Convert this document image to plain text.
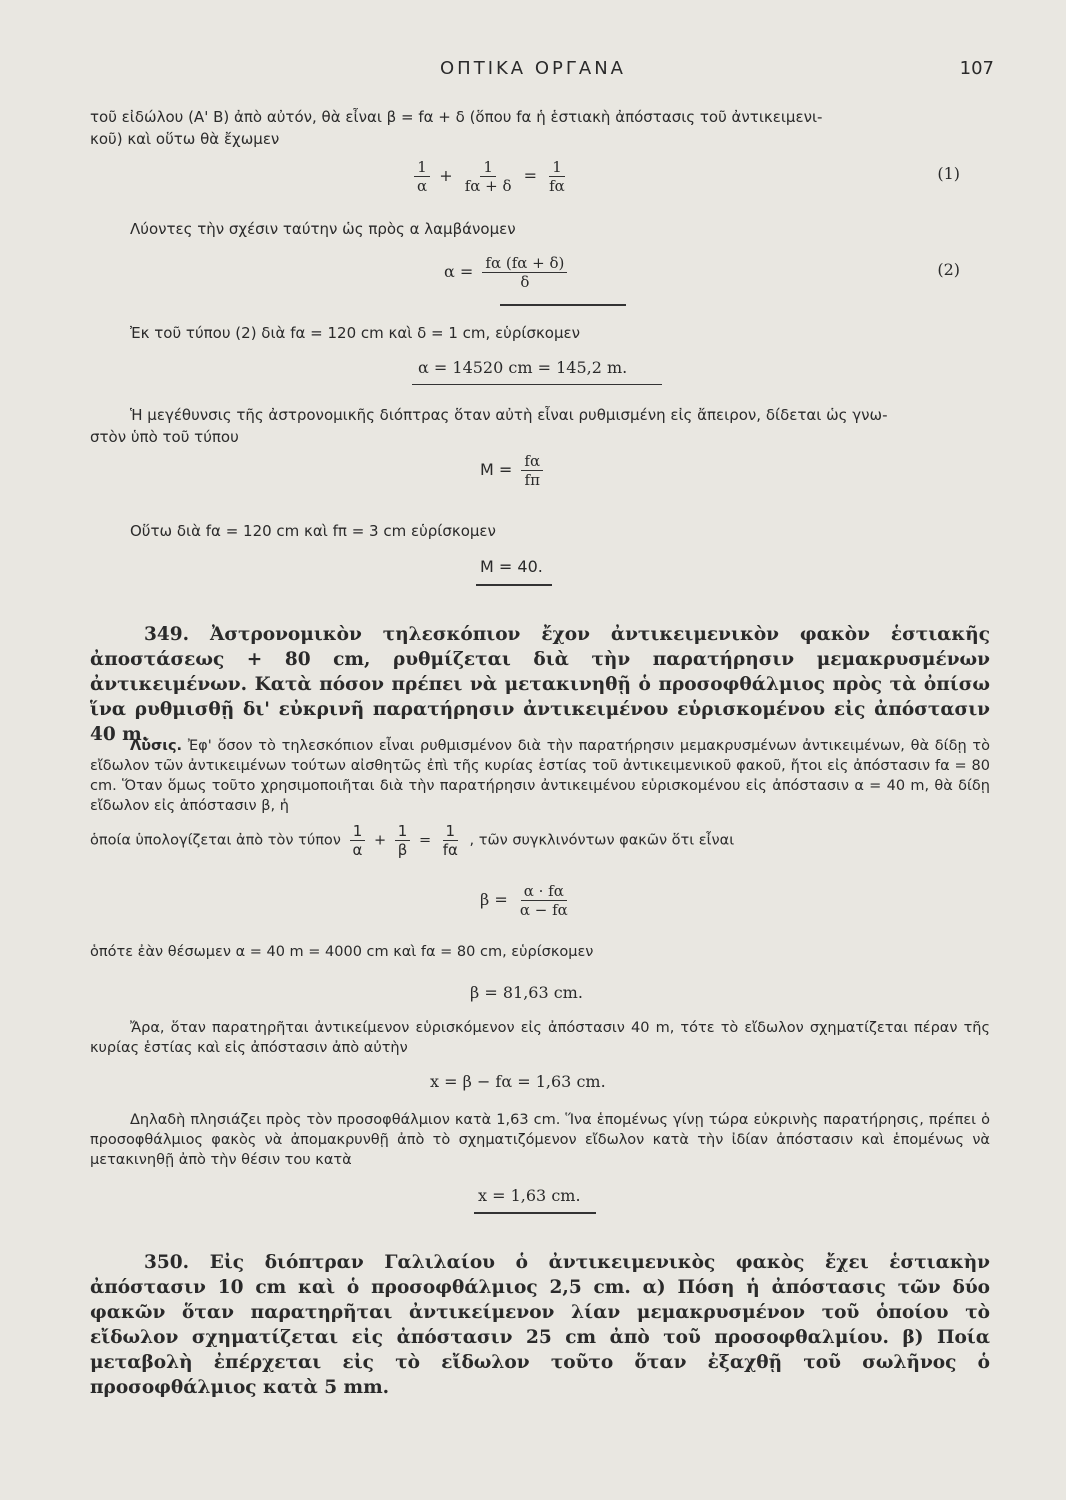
ΟΠΤΙΚΑ ΟΡΓΑΝΑ	107
τοῦ εἰδώλου (Α' Β) ἀπὸ αὐτόν, θὰ εἶναι β = fα + δ (ὅπου fα ἡ ἑστιακὴ ἀπόστασις τοῦ ἀντικειμενι-
κοῦ) καὶ οὕτω θὰ ἔχωμεν
$\frac{1}{\alpha} + \frac{1}{f\alpha + \delta} = \frac{1}{f\alpha}$	(1)
Λύοντες τὴν σχέσιν ταύτην ὡς πρὸς α λαμβάνομεν
$\alpha = \frac{f\alpha (f\alpha + \delta)}{\delta}$	(2)
Ἐκ τοῦ τύπου (2) διὰ fα = 120 cm καὶ δ = 1 cm, εὑρίσκομεν
α = 14520 cm = 145,2 m.
Ἡ μεγέθυνσις τῆς ἀστρονομικῆς διόπτρας ὅταν αὐτὴ εἶναι ρυθμισμένη εἰς ἄπειρον, δίδεται ὡς γνω-
στὸν ὑπὸ τοῦ τύπου
$M = \frac{f\alpha}{f\pi}$
Οὕτω διὰ fα = 120 cm καὶ fπ = 3 cm εὑρίσκομεν
M = 40.
349. Ἀστρονομικὸν τηλεσκόπιον ἔχον ἀντικειμενικὸν φακὸν ἑστιακῆς ἀποστάσεως + 80 cm, ρυθμίζεται διὰ τὴν παρατήρησιν μεμακρυσμένων ἀντικειμένων. Κατὰ πόσον πρέπει νὰ μετακινηθῇ ὁ προσοφθάλμιος πρὸς τὰ ὀπίσω ἵνα ρυθμισθῇ δι' εὐκρινῆ παρατήρησιν ἀντικειμένου εὑρισκομένου εἰς ἀπόστασιν 40 m.
Λύσις. Ἐφ' ὅσον τὸ τηλεσκόπιον εἶναι ρυθμισμένον διὰ τὴν παρατήρησιν μεμακρυσμένων ἀντικειμένων, θὰ δίδῃ τὸ εἴδωλον τῶν ἀντικειμένων τούτων αἰσθητῶς ἐπὶ τῆς κυρίας ἑστίας τοῦ ἀντικειμενικοῦ φακοῦ, ἤτοι εἰς ἀπόστασιν fα = 80 cm. Ὅταν ὅμως τοῦτο χρησιμοποιῆται διὰ τὴν παρατήρησιν ἀντικειμένου εὑρισκομένου εἰς ἀπόστασιν α = 40 m, θὰ δίδῃ εἴδωλον εἰς ἀπόστασιν β, ἡ
ὁποία ὑπολογίζεται ἀπὸ τὸν τύπον $\frac{1}{\alpha} + \frac{1}{\beta} = \frac{1}{f\alpha}$ , τῶν συγκλινόντων φακῶν ὅτι εἶναι
$\beta = \frac{\alpha \cdot f\alpha}{\alpha - f\alpha}$
ὁπότε ἐὰν θέσωμεν α = 40 m = 4000 cm καὶ fα = 80 cm, εὑρίσκομεν
β = 81,63 cm.
Ἄρα, ὅταν παρατηρῆται ἀντικείμενον εὑρισκόμενον εἰς ἀπόστασιν 40 m, τότε τὸ εἴδωλον σχηματίζεται πέραν τῆς κυρίας ἑστίας καὶ εἰς ἀπόστασιν ἀπὸ αὐτὴν
x = β − fα = 1,63 cm.
Δηλαδὴ πλησιάζει πρὸς τὸν προσοφθάλμιον κατὰ 1,63 cm. Ἵνα ἑπομένως γίνῃ τώρα εὐκρινὴς παρατήρησις, πρέπει ὁ προσοφθάλμιος φακὸς νὰ ἀπομακρυνθῇ ἀπὸ τὸ σχηματιζόμενον εἴδωλον κατὰ τὴν ἰδίαν ἀπόστασιν καὶ ἑπομένως νὰ μετακινηθῇ ἀπὸ τὴν θέσιν του κατὰ
x = 1,63 cm.
350. Εἰς διόπτραν Γαλιλαίου ὁ ἀντικειμενικὸς φακὸς ἔχει ἑστιακὴν ἀπόστασιν 10 cm καὶ ὁ προσοφθάλμιος 2,5 cm. α) Πόση ἡ ἀπόστασις τῶν δύο φακῶν ὅταν παρατηρῆται ἀντικείμενον λίαν μεμακρυσμένον τοῦ ὁποίου τὸ εἴδωλον σχηματίζεται εἰς ἀπόστασιν 25 cm ἀπὸ τοῦ προσοφθαλμίου. β) Ποία μεταβολὴ ἐπέρχεται εἰς τὸ εἴδωλον τοῦτο ὅταν ἐξαχθῇ τοῦ σωλῆνος ὁ προσοφθάλμιος κατὰ 5 mm.
